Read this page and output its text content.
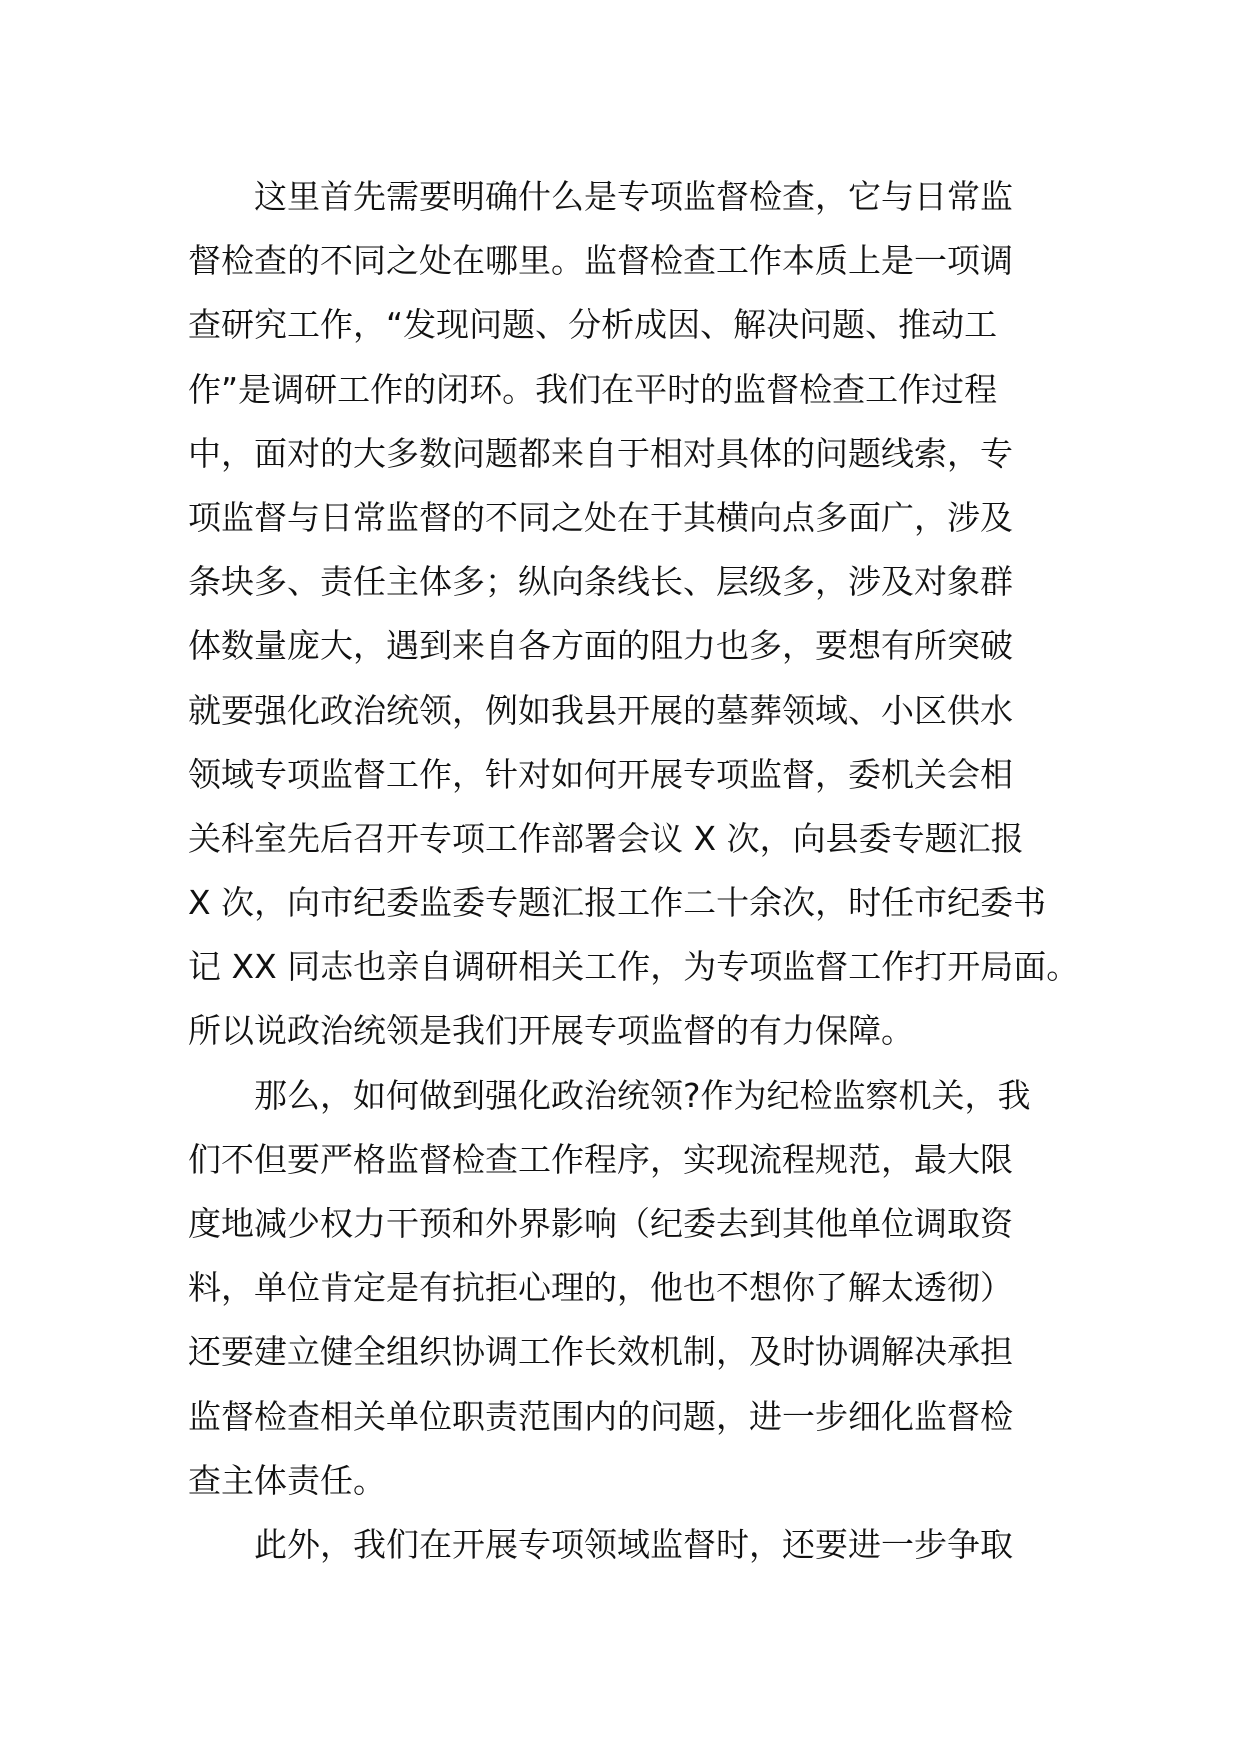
这里首先需要明确什么是专项监督检查，它与日常监
督检查的不同之处在哪里。监督检查工作本质上是一项调
查研究工作，“发现问题、分析成因、解决问题、推动工
作”是调研工作的闭环。我们在平时的监督检查工作过程
中，面对的大多数问题都来自于相对具体的问题线索，专
项监督与日常监督的不同之处在于其横向点多面广，涉及
条块多、责任主体多；纵向条线长、层级多，涉及对象群
体数量庞大，遇到来自各方面的阻力也多，要想有所突破
就要强化政治统领，例如我县开展的墓葬领域、小区供水
领域专项监督工作，针对如何开展专项监督，委机关会相
关科室先后召开专项工作部署会议 X 次，向县委专题汇报
X 次，向市纪委监委专题汇报工作二十余次，时任市纪委书
记 XX 同志也亲自调研相关工作，为专项监督工作打开局面。
所以说政治统领是我们开展专项监督的有力保障。
那么，如何做到强化政治统领?作为纪检监察机关，我
们不但要严格监督检查工作程序，实现流程规范，最大限
度地减少权力干预和外界影响（纪委去到其他单位调取资
料，单位肯定是有抗拒心理的，他也不想你了解太透彻）
还要建立健全组织协调工作长效机制，及时协调解决承担
监督检查相关单位职责范围内的问题，进一步细化监督检
查主体责任。
此外，我们在开展专项领域监督时，还要进一步争取
